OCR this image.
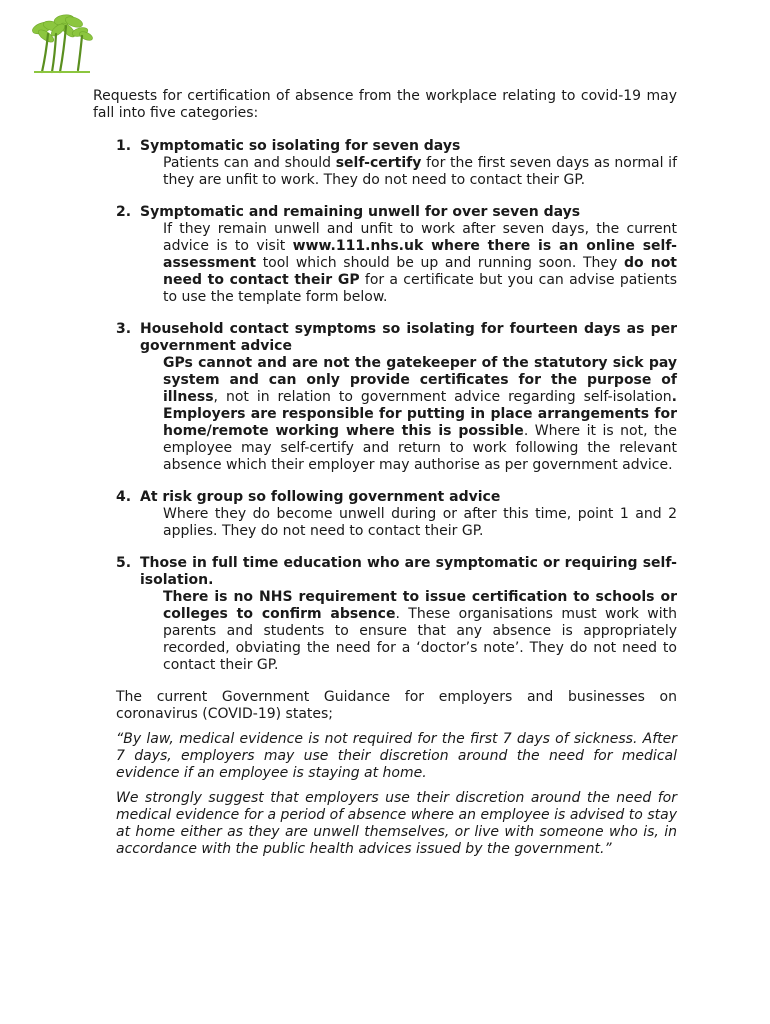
Requests for certification of absence from the workplace relating to covid-19 may fall into five categories:

1. Symptomatic so isolating for seven days
Patients can and should self-certify for the first seven days as normal if they are unfit to work. They do not need to contact their GP.
2. Symptomatic and remaining unwell for over seven days
If they remain unwell and unfit to work after seven days, the current advice is to visit www.111.nhs.uk where there is an online self-assessment tool which should be up and running soon. They do not need to contact their GP for a certificate but you can advise patients to use the template form below.
3. Household contact symptoms so isolating for fourteen days as per government advice
GPs cannot and are not the gatekeeper of the statutory sick pay system and can only provide certificates for the purpose of illness, not in relation to government advice regarding self-isolation. Employers are responsible for putting in place arrangements for home/remote working where this is possible. Where it is not, the employee may self-certify and return to work following the relevant absence which their employer may authorise as per government advice.
4. At risk group so following government advice
Where they do become unwell during or after this time, point 1 and 2 applies. They do not need to contact their GP.
5. Those in full time education who are symptomatic or requiring self-isolation.
There is no NHS requirement to issue certification to schools or colleges to confirm absence. These organisations must work with parents and students to ensure that any absence is appropriately recorded, obviating the need for a ‘doctor’s note’. They do not need to contact their GP.

The current Government Guidance for employers and businesses on coronavirus (COVID-19) states;

“By law, medical evidence is not required for the first 7 days of sickness. After 7 days, employers may use their discretion around the need for medical evidence if an employee is staying at home.

We strongly suggest that employers use their discretion around the need for medical evidence for a period of absence where an employee is advised to stay at home either as they are unwell themselves, or live with someone who is, in accordance with the public health advices issued by the government.”
